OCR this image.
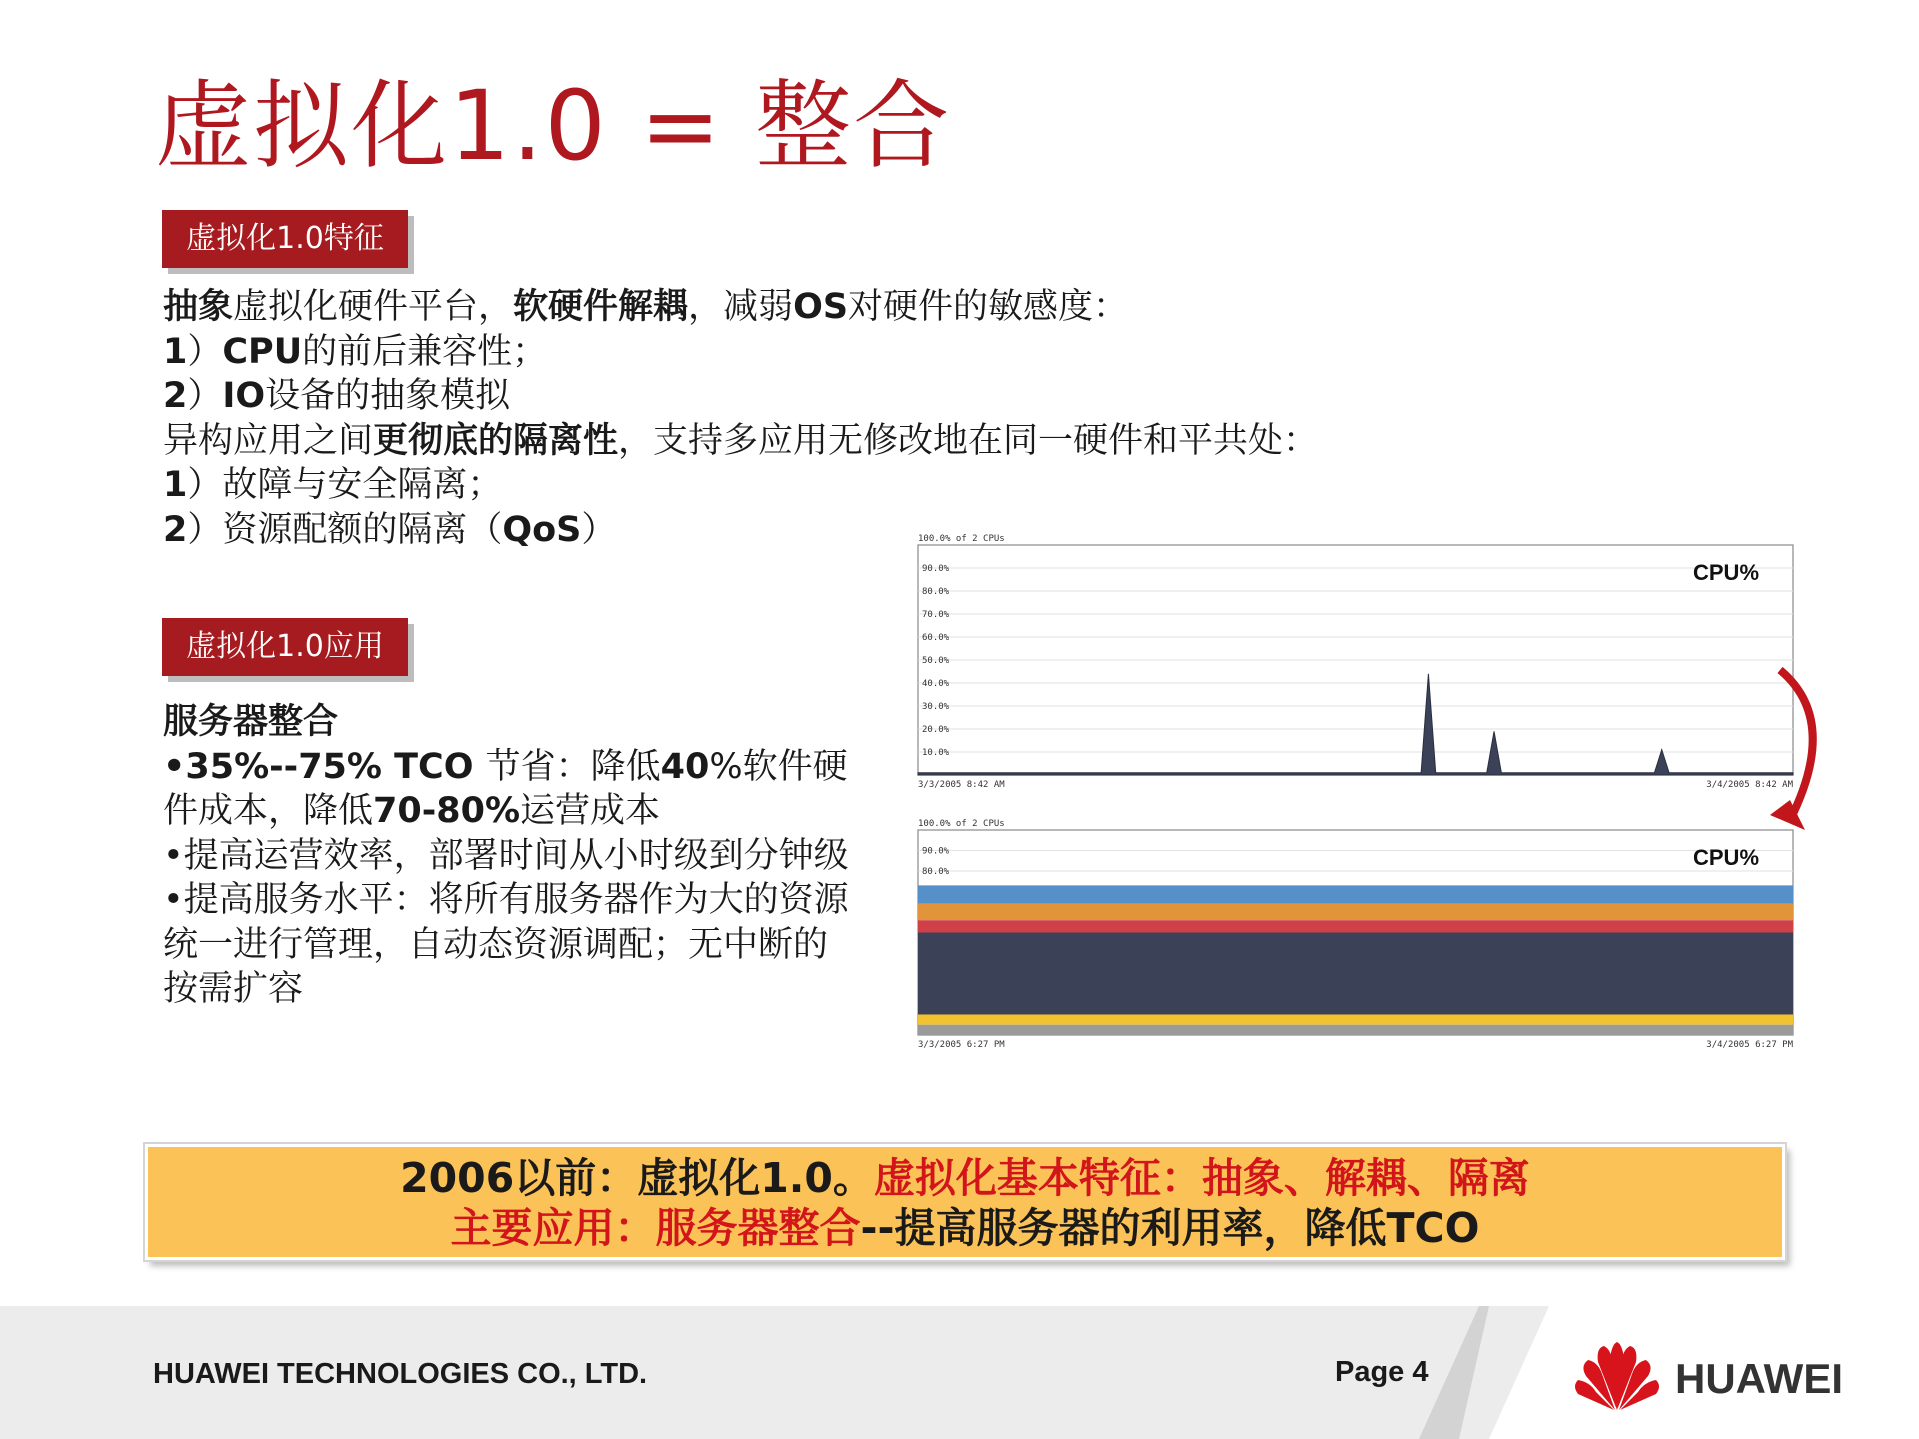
虚拟化1.0 = 整合
虚拟化1.0特征

抽象虚拟化硬件平台，软硬件解耦，减弱OS对硬件的敏感度：

1）CPU的前后兼容性；

2）IO设备的抽象模拟

异构应用之间更彻底的隔离性，支持多应用无修改地在同一硬件和平共处：

1）故障与安全隔离；

2）资源配额的隔离（QoS）

虚拟化1.0应用

服务器整合

•35%--75% TCO 节省：降低40%软件硬件成本，降低70-80%运营成本

•提高运营效率，部署时间从小时级到分钟级

•提高服务水平：将所有服务器作为大的资源统一进行管理，自动态资源调配；无中断的按需扩容

100.0% of 2 CPUs
90.0%
80.0%
70.0%
60.0%
50.0%
40.0%
30.0%
20.0%
10.0%
CPU%
3/3/2005 8:42 AM	3/4/2005 8:42 AM
100.0% of 2 CPUs
90.0%
80.0%
CPU%
3/3/2005 6:27 PM	3/4/2005 6:27 PM
2006以前：虚拟化1.0。虚拟化基本特征：抽象、解耦、隔离
主要应用：服务器整合--提高服务器的利用率，降低TCO
HUAWEI TECHNOLOGIES CO., LTD.	Page 4	HUAWEI
